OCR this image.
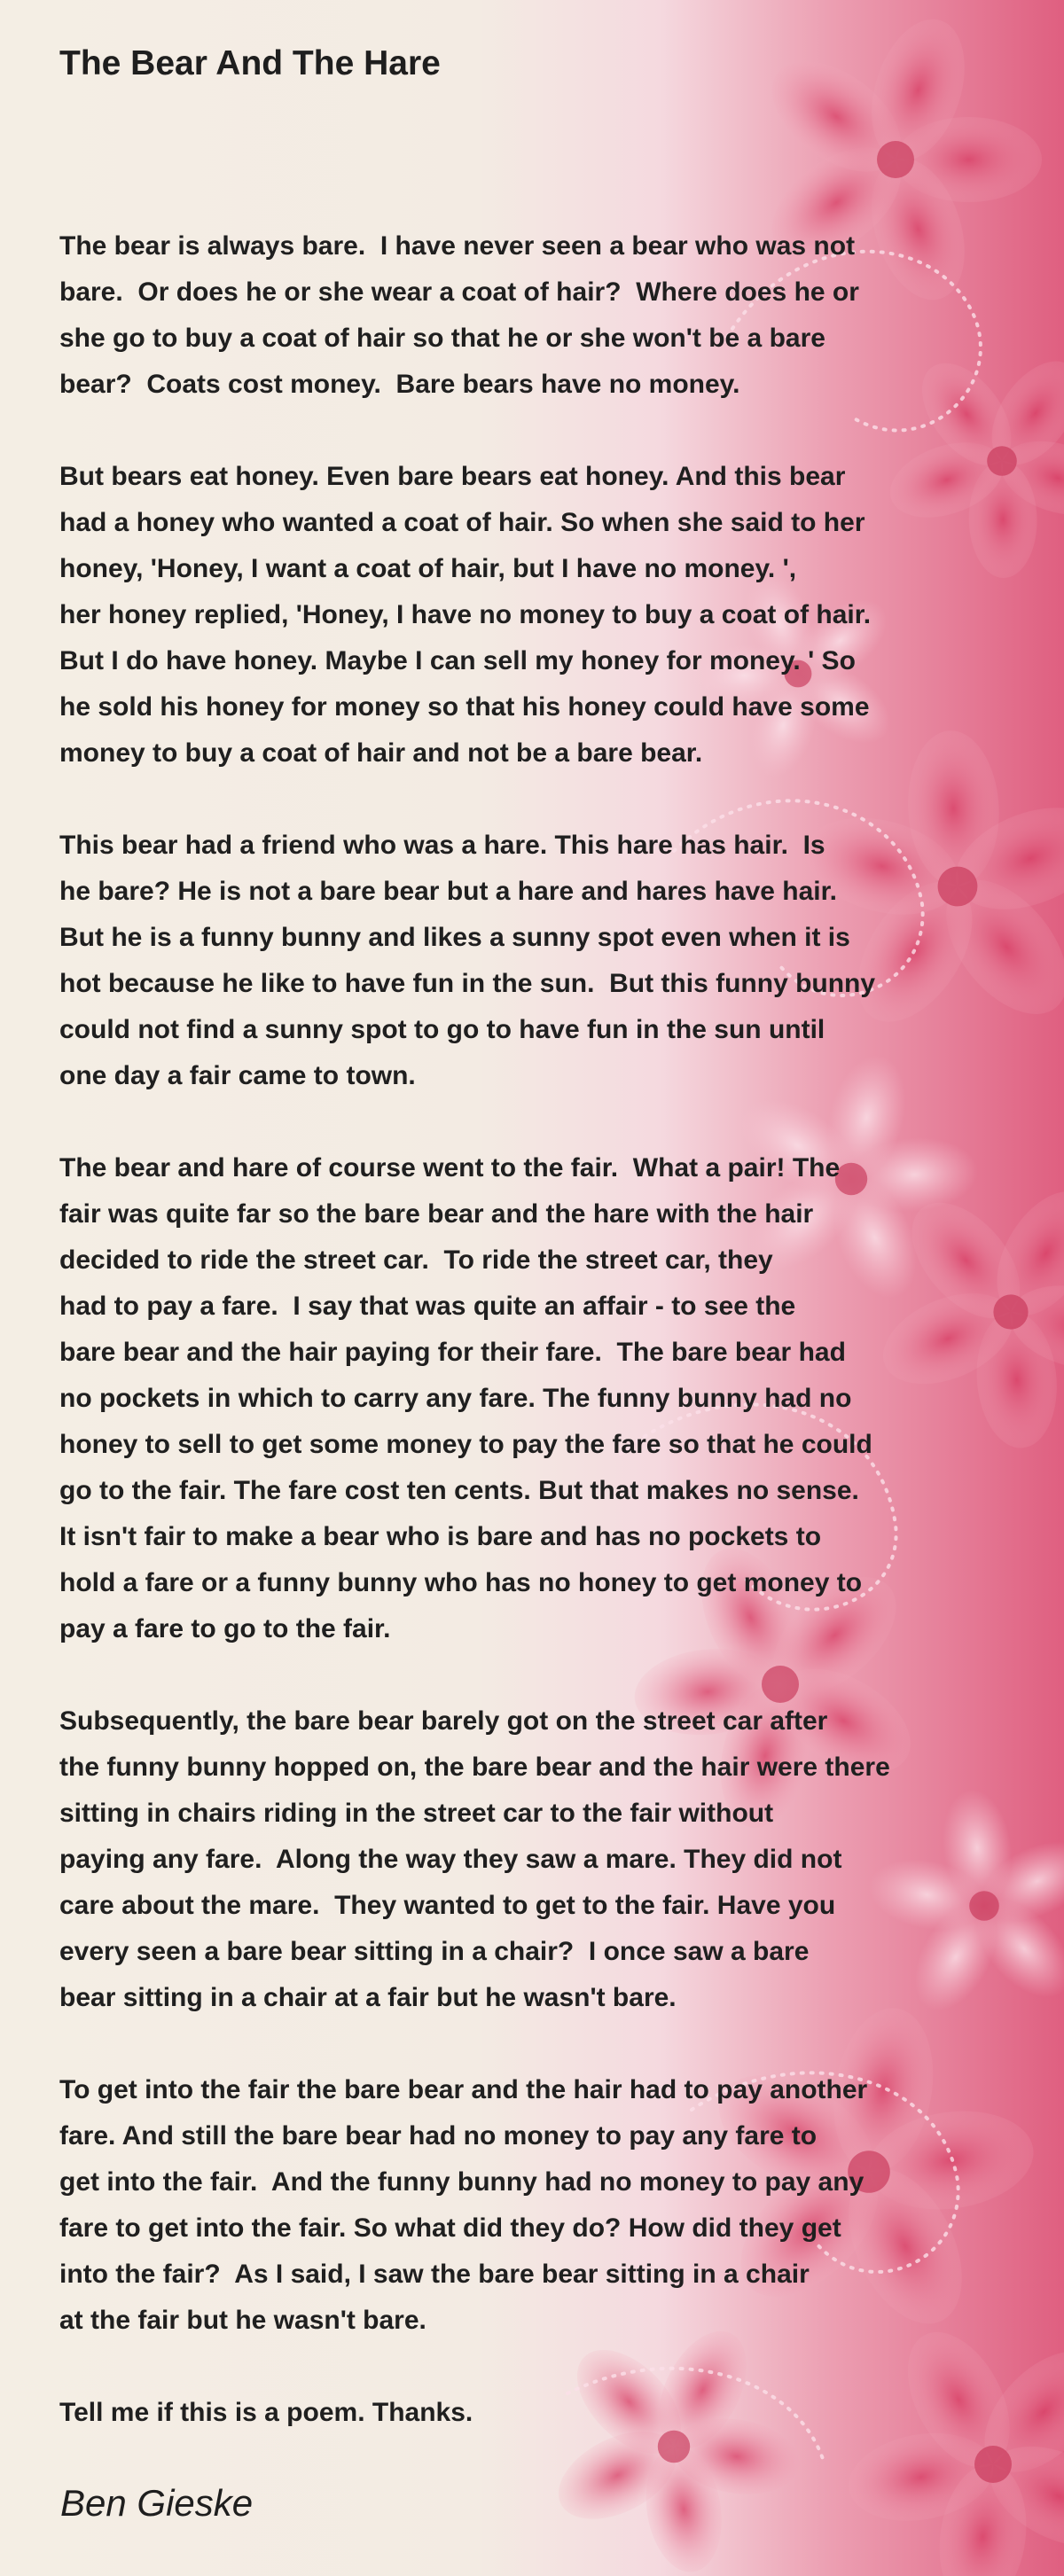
The Bear And The Hare
The bear is always bare.  I have never seen a bear who was not
bare.  Or does he or she wear a coat of hair?  Where does he or
she go to buy a coat of hair so that he or she won't be a bare
bear?  Coats cost money.  Bare bears have no money.
But bears eat honey. Even bare bears eat honey. And this bear
had a honey who wanted a coat of hair. So when she said to her
honey, 'Honey, I want a coat of hair, but I have no money. ',
her honey replied, 'Honey, I have no money to buy a coat of hair.
But I do have honey. Maybe I can sell my honey for money. ' So
he sold his honey for money so that his honey could have some
money to buy a coat of hair and not be a bare bear.
This bear had a friend who was a hare. This hare has hair.  Is
he bare? He is not a bare bear but a hare and hares have hair.
But he is a funny bunny and likes a sunny spot even when it is
hot because he like to have fun in the sun.  But this funny bunny
could not find a sunny spot to go to have fun in the sun until
one day a fair came to town.
The bear and hare of course went to the fair.  What a pair! The
fair was quite far so the bare bear and the hare with the hair
decided to ride the street car.  To ride the street car, they
had to pay a fare.  I say that was quite an affair - to see the
bare bear and the hair paying for their fare.  The bare bear had
no pockets in which to carry any fare. The funny bunny had no
honey to sell to get some money to pay the fare so that he could
go to the fair. The fare cost ten cents. But that makes no sense.
It isn't fair to make a bear who is bare and has no pockets to
hold a fare or a funny bunny who has no honey to get money to
pay a fare to go to the fair.
Subsequently, the bare bear barely got on the street car after
the funny bunny hopped on, the bare bear and the hair were there
sitting in chairs riding in the street car to the fair without
paying any fare.  Along the way they saw a mare. They did not
care about the mare.  They wanted to get to the fair. Have you
every seen a bare bear sitting in a chair?  I once saw a bare
bear sitting in a chair at a fair but he wasn't bare.
To get into the fair the bare bear and the hair had to pay another
fare. And still the bare bear had no money to pay any fare to
get into the fair.  And the funny bunny had no money to pay any
fare to get into the fair. So what did they do? How did they get
into the fair?  As I said, I saw the bare bear sitting in a chair
at the fair but he wasn't bare.
Tell me if this is a poem. Thanks.
Ben Gieske
